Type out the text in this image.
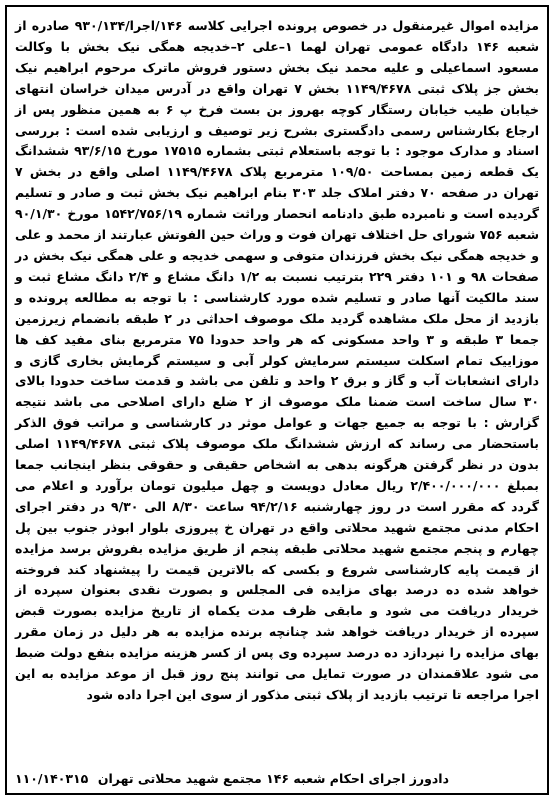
مزایده اموال غیرمنقول در خصوص پرونده اجرایی کلاسه ۱۴۶/اجرا/۹۳۰/۱۳۴ صادره از شعبه ۱۴۶ دادگاه عمومی تهران لهما ۱–علی ۲–خدیجه همگی نیک بخش با وکالت مسعود اسماعیلی و علیه محمد نیک بخش دستور فروش ماترک مرحوم ابراهیم نیک بخش جز پلاک ثبتی ۱۱۴۹/۴۶۷۸ بخش ۷ تهران واقع در آدرس میدان خراسان انتهای خیابان طیب خیابان رستگار کوچه بهروز بن بست فرخ پ ۶ به همین منظور پس از ارجاع بکارشناس رسمی دادگستری بشرح زیر توصیف و ارزیابی شده است : بررسی اسناد و مدارک موجود : با توجه باستعلام ثبتی بشماره ۱۷۵۱۵ مورخ ۹۳/۶/۱۵ ششدانگ یک قطعه زمین بمساحت ۱۰۹/۵۰ مترمربع پلاک ۱۱۴۹/۴۶۷۸ اصلی واقع در بخش ۷ تهران در صفحه ۷۰ دفتر املاک جلد ۳۰۳ بنام ابراهیم نیک بخش ثبت و صادر و تسلیم گردیده است و نامبرده طبق دادنامه انحصار وراثت شماره ۱۵۴۲/۷۵۶/۱۹ مورخ ۹۰/۱/۳۰ شعبه ۷۵۶ شورای حل اختلاف تهران فوت و وراث حین الفوتش عبارتند از محمد و علی و خدیجه همگی نیک بخش فرزندان متوفی و سهمی خدیجه و علی همگی نیک بخش در صفحات ۹۸ و ۱۰۱ دفتر ۲۲۹ بترتیب نسبت به ۱/۲ دانگ مشاع و ۲/۴ دانگ مشاع ثبت و سند مالکیت آنها صادر و تسلیم شده مورد کارشناسی : با توجه به مطالعه پرونده و بازدید از محل ملک مشاهده گردید ملک موصوف احداثی در ۲ طبقه بانضمام زیرزمین جمعا ۳ طبقه و ۳ واحد مسکونی که هر واحد حدودا ۷۵ مترمربع بنای مفید کف ها موزاییک تمام اسکلت سیستم سرمایش کولر آبی و سیستم گرمایش بخاری گازی و دارای انشعابات آب و گاز و برق ۲ واحد و تلفن می باشد و قدمت ساخت حدودا بالای ۳۰ سال ساخت است ضمنا ملک موصوف از ۲ ضلع دارای اصلاحی می باشد نتیجه گزارش : با توجه به جمیع جهات و عوامل موثر در کارشناسی و مراتب فوق الذکر باستحضار می رساند که ارزش ششدانگ ملک موصوف پلاک ثبتی ۱۱۴۹/۴۶۷۸ اصلی بدون در نظر گرفتن هرگونه بدهی به اشخاص حقیقی و حقوقی بنظر اینجانب جمعا بمبلغ ۲/۴۰۰/۰۰۰/۰۰۰ ریال معادل دویست و چهل میلیون تومان برآورد و اعلام می گردد که مقرر است در روز چهارشنبه ۹۴/۲/۱۶ ساعت ۸/۳۰ الی ۹/۳۰ در دفتر اجرای احکام مدنی مجتمع شهید محلاتی واقع در تهران خ پیروزی بلوار ابوذر جنوب بین پل چهارم و پنجم مجتمع شهید محلاتی طبقه پنجم از طریق مزایده بفروش برسد مزایده از قیمت پایه کارشناسی شروع و بکسی که بالاترین قیمت را پیشنهاد کند فروخته خواهد شده ده درصد بهای مزایده فی المجلس و بصورت نقدی بعنوان سپرده از خریدار دریافت می شود و مابقی ظرف مدت یکماه از تاریخ مزایده بصورت قبض سپرده از خریدار دریافت خواهد شد چنانچه برنده مزایده به هر دلیل در زمان مقرر بهای مزایده را نپردازد ده درصد سپرده وی پس از کسر هزینه مزایده بنفع دولت ضبط می شود علاقمندان در صورت تمایل می توانند پنج روز قبل از موعد مزایده به این اجرا مراجعه تا ترتیب بازدید از پلاک ثبتی مذکور از سوی این اجرا داده شود

دادورز اجرای احکام شعبه ۱۴۶ مجتمع شهید محلاتی تهران
۱۱۰/۱۴۰۳۱۵
